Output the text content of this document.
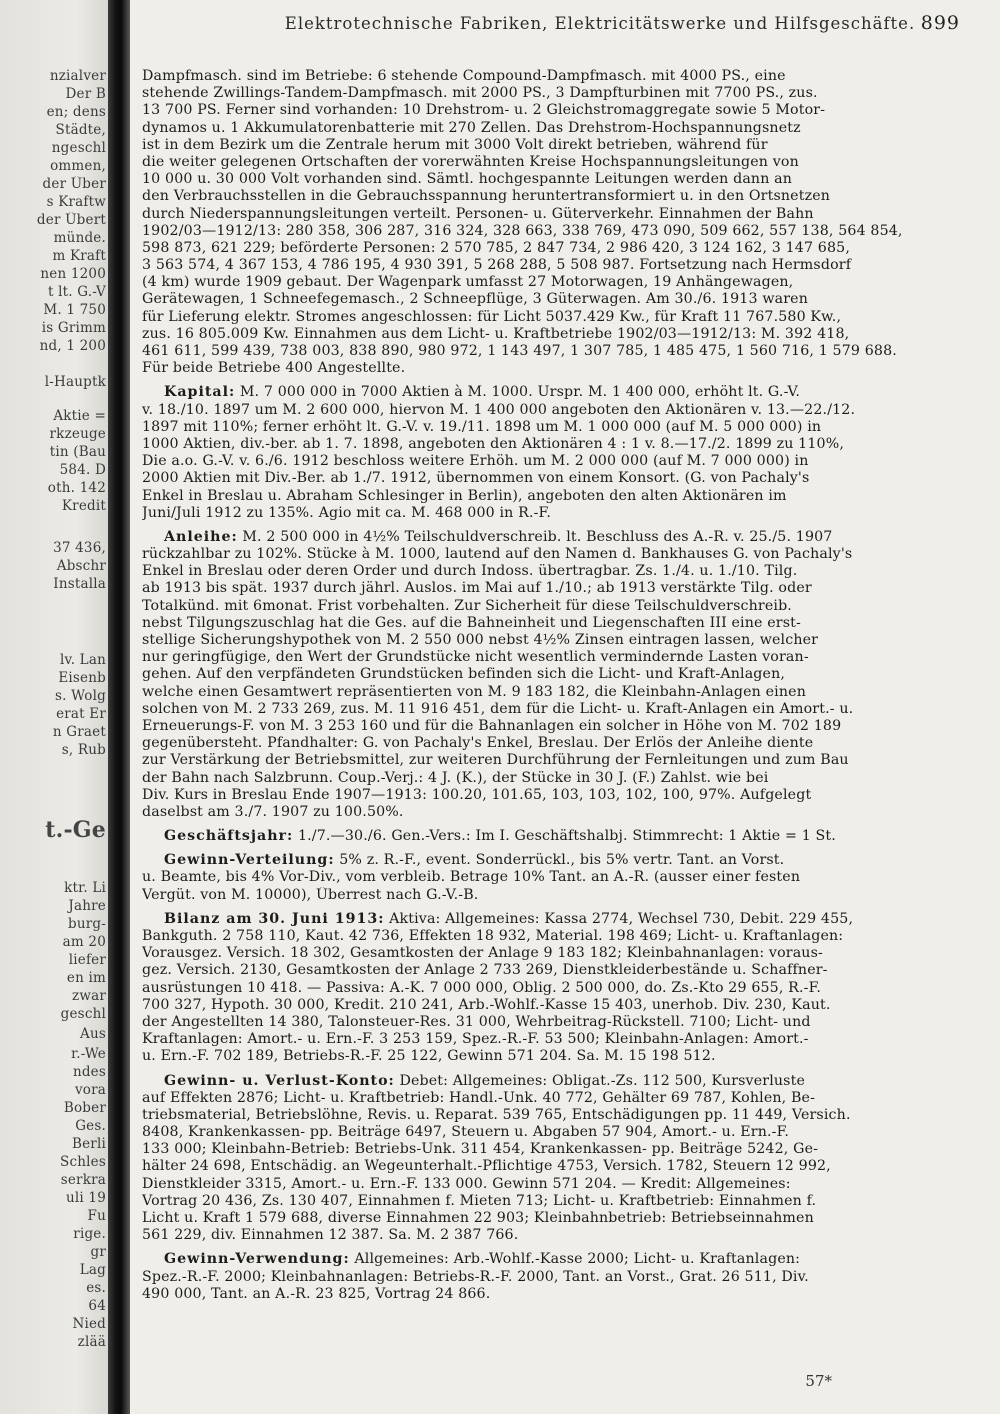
nzialver
Der B
en; dens
Städte,
ngeschl
ommen,
der Über
s Kraftw
der Übert
münde.
m Kraft
nen 1200
t lt. G.-V
M. 1 750
is Grimm
nd, 1 200
l-Hauptk
Aktie =
rkzeuge
tin (Bau
584. D
oth. 142
Kredit
37 436,
Abschr
Installa
lv. Lan
Eisenb
s. Wolg
erat Er
n Graet
s, Rub
t.-Ge
ktr. Li
Jahre
burg-
am 20
liefer
en im
zwar
geschl
Aus
r.-We
ndes
vora
Bober
Ges.
Berli
Schles
serkra
uli 19
Fu
rige.
gr
Lag
es.
64
Nied
zlää
Elektrotechnische Fabriken, Elektricitätswerke und Hilfsgeschäfte. 899
Dampfmasch. sind im Betriebe: 6 stehende Compound-Dampfmasch. mit 4000 PS., eine
stehende Zwillings-Tandem-Dampfmasch. mit 2000 PS., 3 Dampfturbinen mit 7700 PS., zus.
13 700 PS. Ferner sind vorhanden: 10 Drehstrom- u. 2 Gleichstromaggregate sowie 5 Motor-
dynamos u. 1 Akkumulatorenbatterie mit 270 Zellen. Das Drehstrom-Hochspannungsnetz
ist in dem Bezirk um die Zentrale herum mit 3000 Volt direkt betrieben, während für
die weiter gelegenen Ortschaften der vorerwähnten Kreise Hochspannungsleitungen von
10 000 u. 30 000 Volt vorhanden sind. Sämtl. hochgespannte Leitungen werden dann an
den Verbrauchsstellen in die Gebrauchsspannung heruntertransformiert u. in den Ortsnetzen
durch Niederspannungsleitungen verteilt. Personen- u. Güterverkehr. Einnahmen der Bahn
1902/03—1912/13: 280 358, 306 287, 316 324, 328 663, 338 769, 473 090, 509 662, 557 138, 564 854,
598 873, 621 229; beförderte Personen: 2 570 785, 2 847 734, 2 986 420, 3 124 162, 3 147 685,
3 563 574, 4 367 153, 4 786 195, 4 930 391, 5 268 288, 5 508 987. Fortsetzung nach Hermsdorf
(4 km) wurde 1909 gebaut. Der Wagenpark umfasst 27 Motorwagen, 19 Anhängewagen,
Gerätewagen, 1 Schneefegemasch., 2 Schneepflüge, 3 Güterwagen. Am 30./6. 1913 waren
für Lieferung elektr. Stromes angeschlossen: für Licht 5037.429 Kw., für Kraft 11 767.580 Kw.,
zus. 16 805.009 Kw. Einnahmen aus dem Licht- u. Kraftbetriebe 1902/03—1912/13: M. 392 418,
461 611, 599 439, 738 003, 838 890, 980 972, 1 143 497, 1 307 785, 1 485 475, 1 560 716, 1 579 688.
Für beide Betriebe 400 Angestellte.
Kapital: M. 7 000 000 in 7000 Aktien à M. 1000. Urspr. M. 1 400 000, erhöht lt. G.-V.
v. 18./10. 1897 um M. 2 600 000, hiervon M. 1 400 000 angeboten den Aktionären v. 13.—22./12.
1897 mit 110%; ferner erhöht lt. G.-V. v. 19./11. 1898 um M. 1 000 000 (auf M. 5 000 000) in
1000 Aktien, div.-ber. ab 1. 7. 1898, angeboten den Aktionären 4 : 1 v. 8.—17./2. 1899 zu 110%,
Die a.o. G.-V. v. 6./6. 1912 beschloss weitere Erhöh. um M. 2 000 000 (auf M. 7 000 000) in
2000 Aktien mit Div.-Ber. ab 1./7. 1912, übernommen von einem Konsort. (G. von Pachaly's
Enkel in Breslau u. Abraham Schlesinger in Berlin), angeboten den alten Aktionären im
Juni/Juli 1912 zu 135%. Agio mit ca. M. 468 000 in R.-F.
Anleihe: M. 2 500 000 in 4½% Teilschuldverschreib. lt. Beschluss des A.-R. v. 25./5. 1907
rückzahlbar zu 102%. Stücke à M. 1000, lautend auf den Namen d. Bankhauses G. von Pachaly's
Enkel in Breslau oder deren Order und durch Indoss. übertragbar. Zs. 1./4. u. 1./10. Tilg.
ab 1913 bis spät. 1937 durch jährl. Auslos. im Mai auf 1./10.; ab 1913 verstärkte Tilg. oder
Totalkünd. mit 6monat. Frist vorbehalten. Zur Sicherheit für diese Teilschuldverschreib.
nebst Tilgungszuschlag hat die Ges. auf die Bahneinheit und Liegenschaften III eine erst-
stellige Sicherungshypothek von M. 2 550 000 nebst 4½% Zinsen eintragen lassen, welcher
nur geringfügige, den Wert der Grundstücke nicht wesentlich vermindernde Lasten voran-
gehen. Auf den verpfändeten Grundstücken befinden sich die Licht- und Kraft-Anlagen,
welche einen Gesamtwert repräsentierten von M. 9 183 182, die Kleinbahn-Anlagen einen
solchen von M. 2 733 269, zus. M. 11 916 451, dem für die Licht- u. Kraft-Anlagen ein Amort.- u.
Erneuerungs-F. von M. 3 253 160 und für die Bahnanlagen ein solcher in Höhe von M. 702 189
gegenübersteht. Pfandhalter: G. von Pachaly's Enkel, Breslau. Der Erlös der Anleihe diente
zur Verstärkung der Betriebsmittel, zur weiteren Durchführung der Fernleitungen und zum Bau
der Bahn nach Salzbrunn. Coup.-Verj.: 4 J. (K.), der Stücke in 30 J. (F.) Zahlst. wie bei
Div. Kurs in Breslau Ende 1907—1913: 100.20, 101.65, 103, 103, 102, 100, 97%. Aufgelegt
daselbst am 3./7. 1907 zu 100.50%.
Geschäftsjahr: 1./7.—30./6. Gen.-Vers.: Im I. Geschäftshalbj. Stimmrecht: 1 Aktie = 1 St.
Gewinn-Verteilung: 5% z. R.-F., event. Sonderrückl., bis 5% vertr. Tant. an Vorst.
u. Beamte, bis 4% Vor-Div., vom verbleib. Betrage 10% Tant. an A.-R. (ausser einer festen
Vergüt. von M. 10000), Überrest nach G.-V.-B.
Bilanz am 30. Juni 1913: Aktiva: Allgemeines: Kassa 2774, Wechsel 730, Debit. 229 455,
Bankguth. 2 758 110, Kaut. 42 736, Effekten 18 932, Material. 198 469; Licht- u. Kraftanlagen:
Vorausgez. Versich. 18 302, Gesamtkosten der Anlage 9 183 182; Kleinbahnanlagen: voraus-
gez. Versich. 2130, Gesamtkosten der Anlage 2 733 269, Dienstkleiderbestände u. Schaffner-
ausrüstungen 10 418. — Passiva: A.-K. 7 000 000, Oblig. 2 500 000, do. Zs.-Kto 29 655, R.-F.
700 327, Hypoth. 30 000, Kredit. 210 241, Arb.-Wohlf.-Kasse 15 403, unerhob. Div. 230, Kaut.
der Angestellten 14 380, Talonsteuer-Res. 31 000, Wehrbeitrag-Rückstell. 7100; Licht- und
Kraftanlagen: Amort.- u. Ern.-F. 3 253 159, Spez.-R.-F. 53 500; Kleinbahn-Anlagen: Amort.-
u. Ern.-F. 702 189, Betriebs-R.-F. 25 122, Gewinn 571 204. Sa. M. 15 198 512.
Gewinn- u. Verlust-Konto: Debet: Allgemeines: Obligat.-Zs. 112 500, Kursverluste
auf Effekten 2876; Licht- u. Kraftbetrieb: Handl.-Unk. 40 772, Gehälter 69 787, Kohlen, Be-
triebsmaterial, Betriebslöhne, Revis. u. Reparat. 539 765, Entschädigungen pp. 11 449, Versich.
8408, Krankenkassen- pp. Beiträge 6497, Steuern u. Abgaben 57 904, Amort.- u. Ern.-F.
133 000; Kleinbahn-Betrieb: Betriebs-Unk. 311 454, Krankenkassen- pp. Beiträge 5242, Ge-
hälter 24 698, Entschädig. an Wegeunterhalt.-Pflichtige 4753, Versich. 1782, Steuern 12 992,
Dienstkleider 3315, Amort.- u. Ern.-F. 133 000. Gewinn 571 204. — Kredit: Allgemeines:
Vortrag 20 436, Zs. 130 407, Einnahmen f. Mieten 713; Licht- u. Kraftbetrieb: Einnahmen f.
Licht u. Kraft 1 579 688, diverse Einnahmen 22 903; Kleinbahnbetrieb: Betriebseinnahmen
561 229, div. Einnahmen 12 387. Sa. M. 2 387 766.
Gewinn-Verwendung: Allgemeines: Arb.-Wohlf.-Kasse 2000; Licht- u. Kraftanlagen:
Spez.-R.-F. 2000; Kleinbahnanlagen: Betriebs-R.-F. 2000, Tant. an Vorst., Grat. 26 511, Div.
490 000, Tant. an A.-R. 23 825, Vortrag 24 866.
57*
